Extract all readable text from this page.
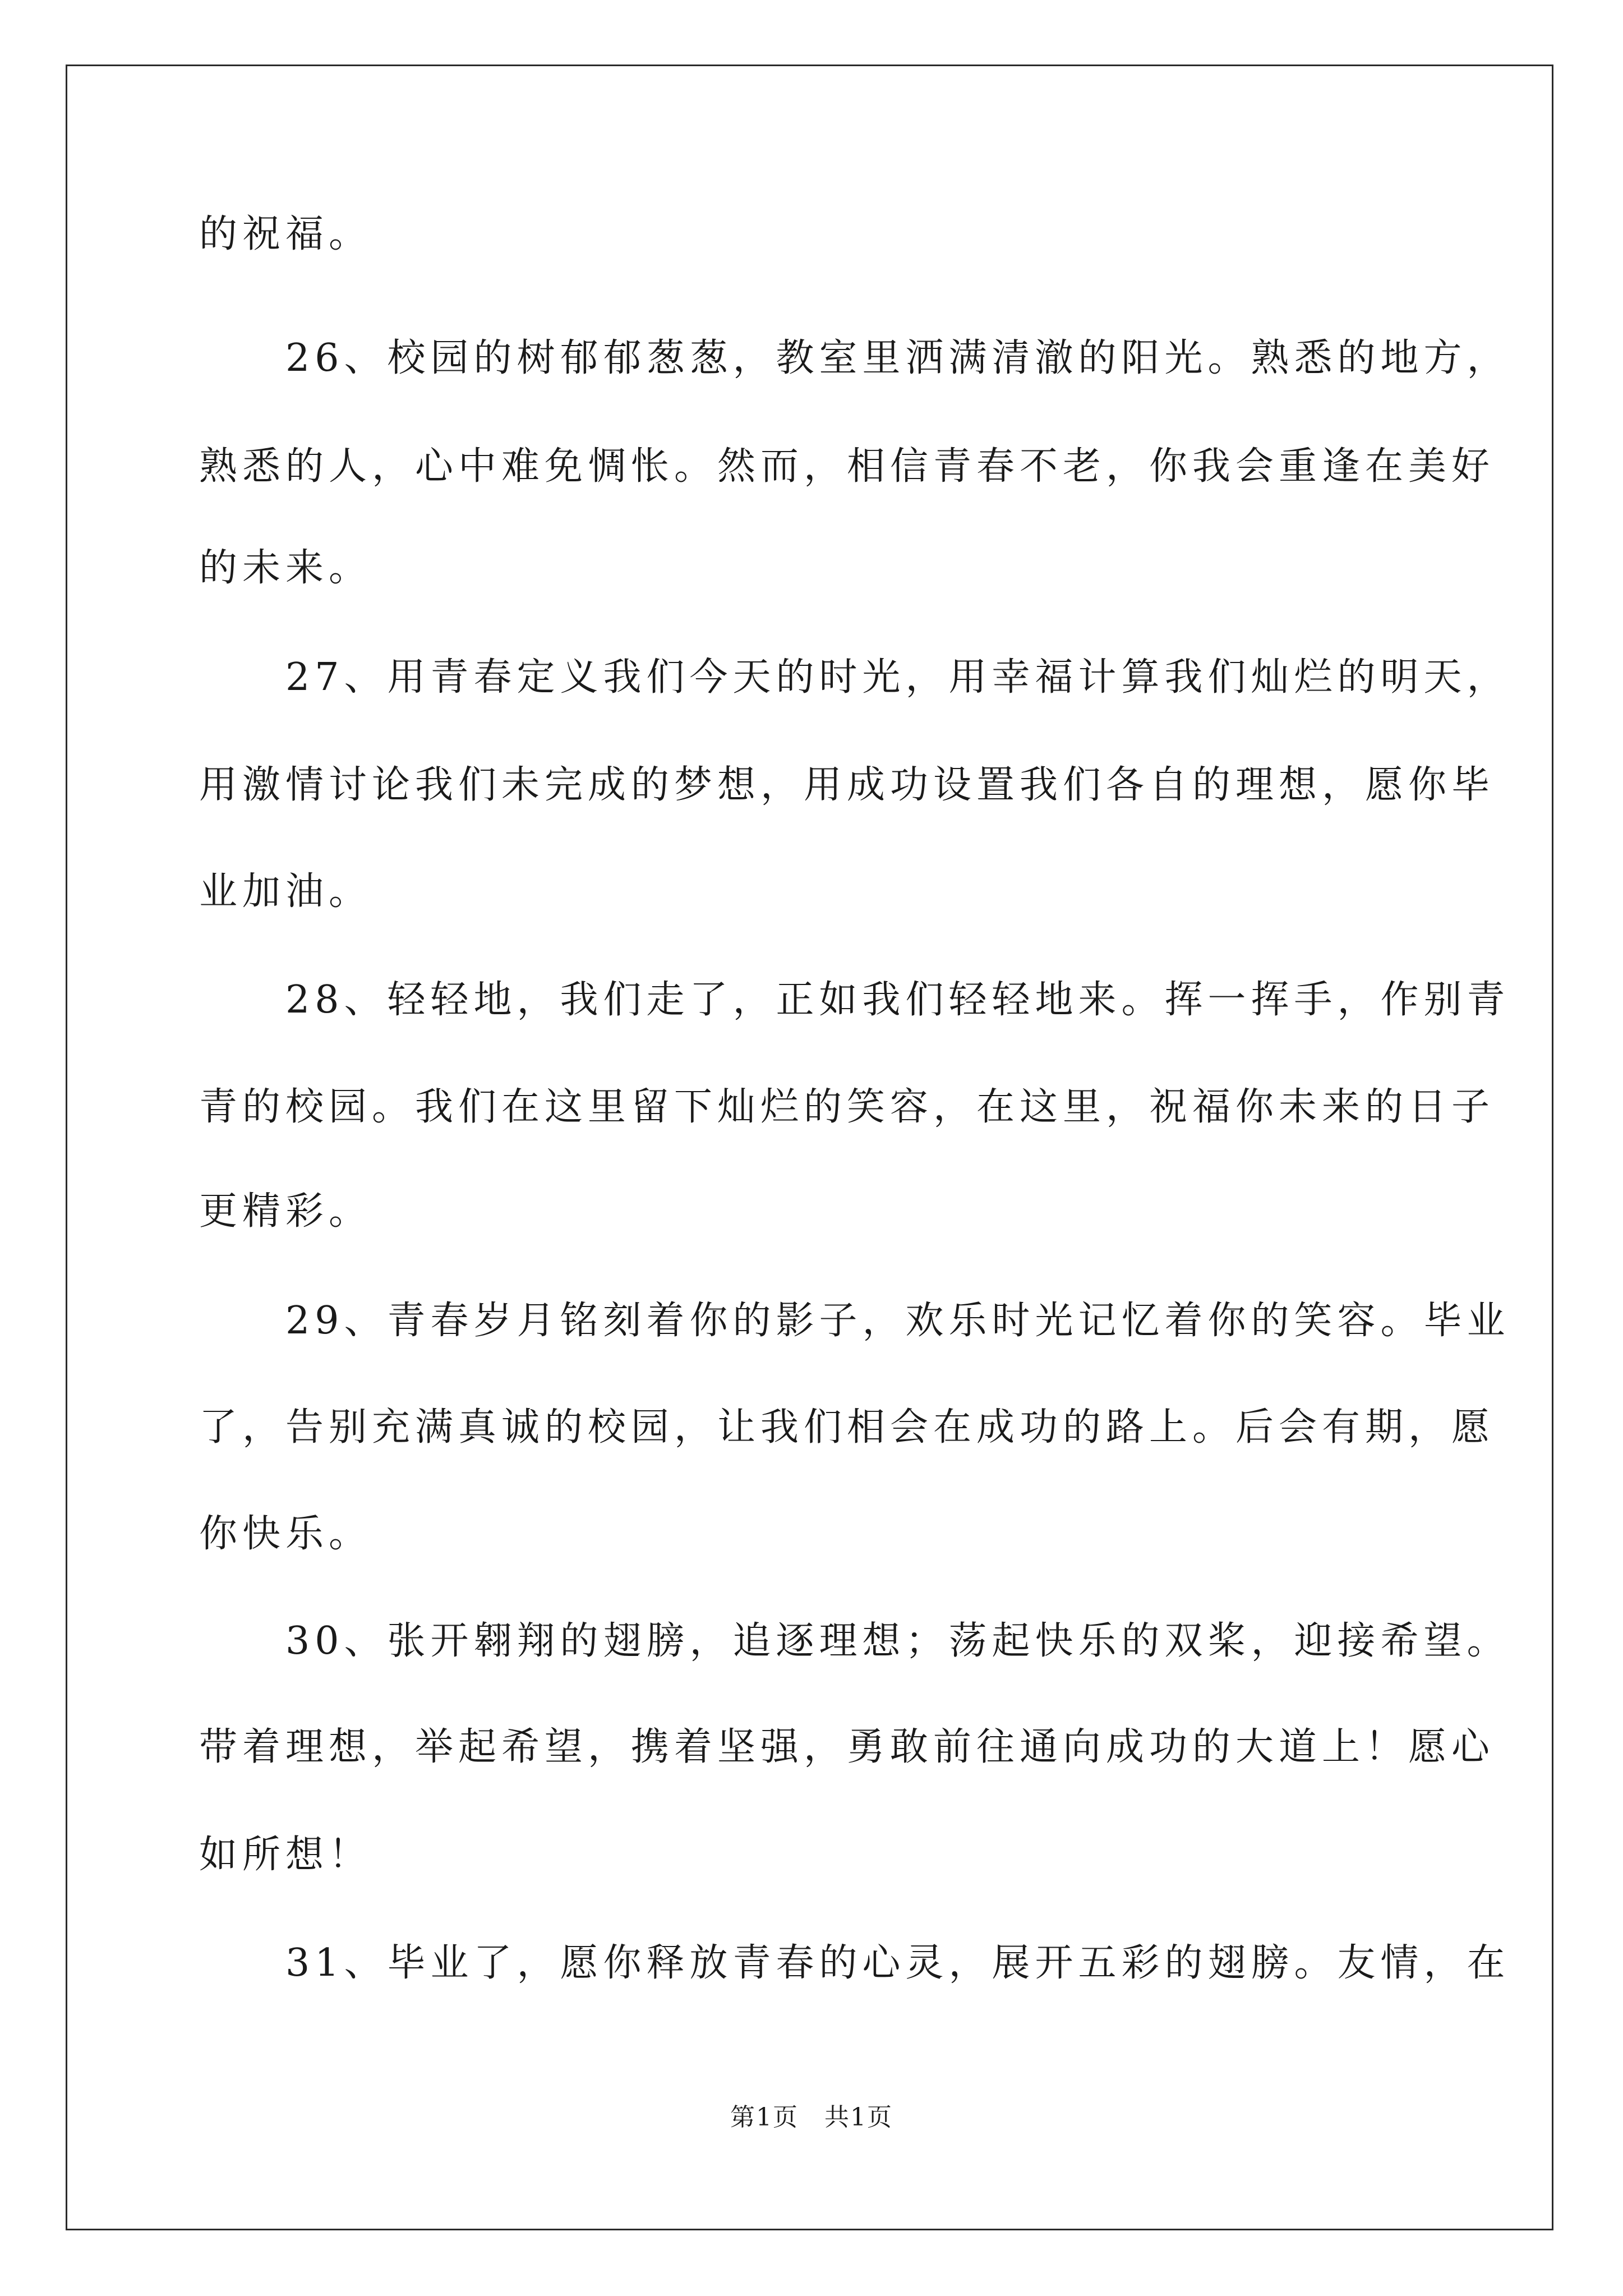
的祝福。
　　26、校园的树郁郁葱葱，教室里洒满清澈的阳光。熟悉的地方，
熟悉的人，心中难免惆怅。然而，相信青春不老，你我会重逢在美好
的未来。
　　27、用青春定义我们今天的时光，用幸福计算我们灿烂的明天，
用激情讨论我们未完成的梦想，用成功设置我们各自的理想，愿你毕
业加油。
　　28、轻轻地，我们走了，正如我们轻轻地来。挥一挥手，作别青
青的校园。我们在这里留下灿烂的笑容，在这里，祝福你未来的日子
更精彩。
　　29、青春岁月铭刻着你的影子，欢乐时光记忆着你的笑容。毕业
了，告别充满真诚的校园，让我们相会在成功的路上。后会有期，愿
你快乐。
　　30、张开翱翔的翅膀，追逐理想；荡起快乐的双桨，迎接希望。
带着理想，举起希望，携着坚强，勇敢前往通向成功的大道上！愿心
如所想！
　　31、毕业了，愿你释放青春的心灵，展开五彩的翅膀。友情，在
第1页　共1页
